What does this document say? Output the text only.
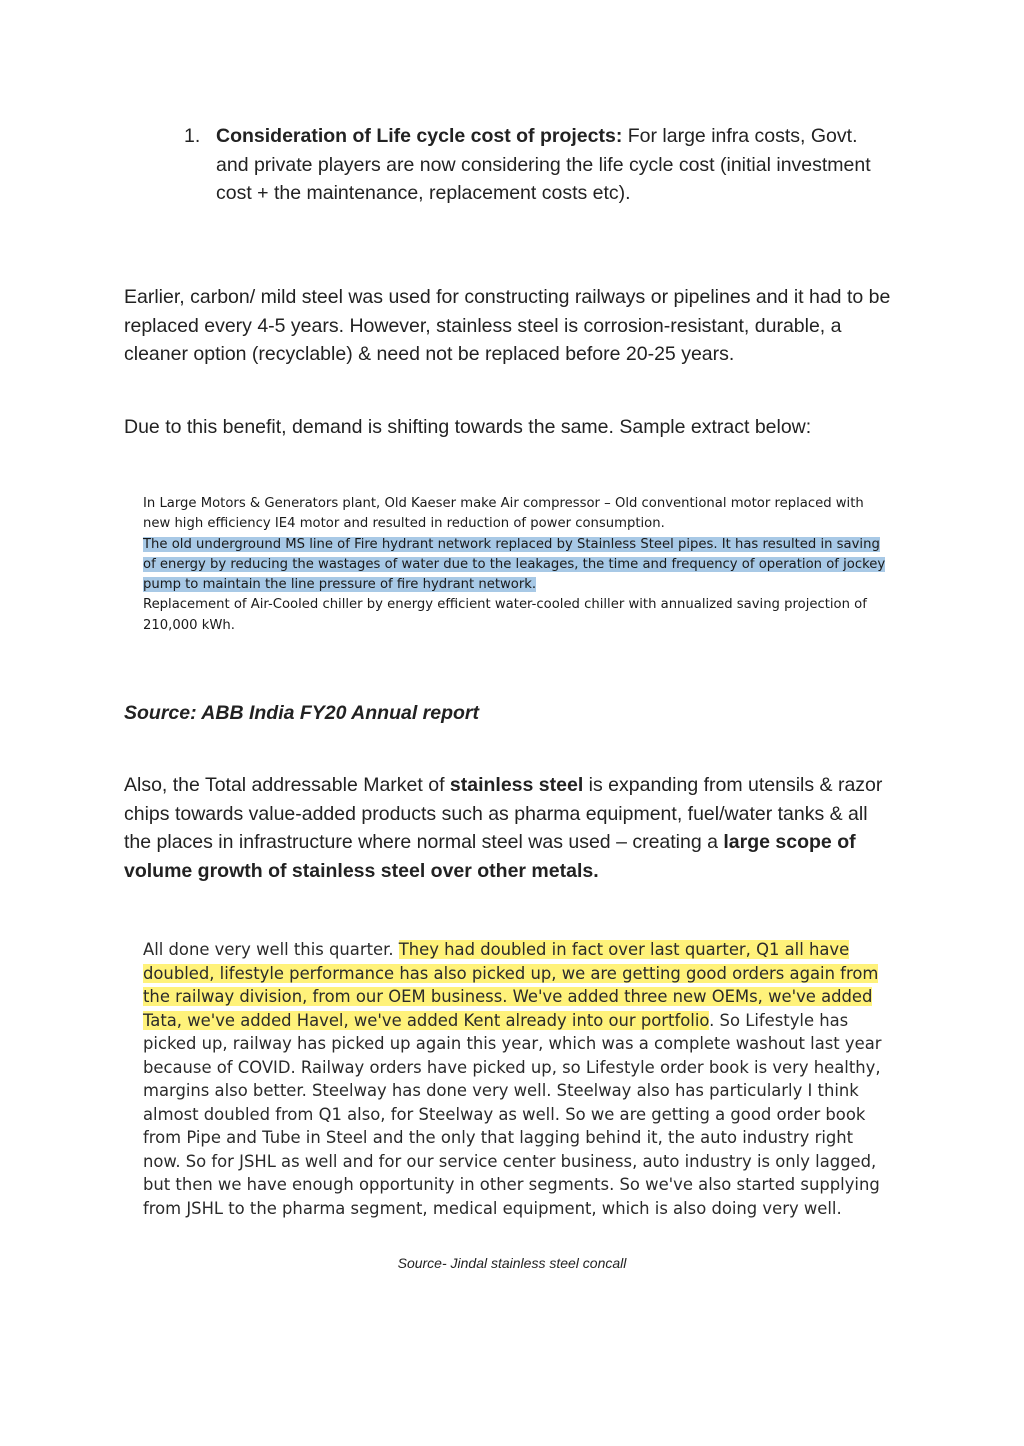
1. Consideration of Life cycle cost of projects: For large infra costs, Govt. and private players are now considering the life cycle cost (initial investment cost + the maintenance, replacement costs etc).
Earlier, carbon/ mild steel was used for constructing railways or pipelines and it had to be replaced every 4-5 years. However, stainless steel is corrosion-resistant, durable, a cleaner option (recyclable) & need not be replaced before 20-25 years.
Due to this benefit, demand is shifting towards the same. Sample extract below:

In Large Motors & Generators plant, Old Kaeser make Air compressor – Old conventional motor replaced with new high efficiency IE4 motor and resulted in reduction of power consumption.

The old underground MS line of Fire hydrant network replaced by Stainless Steel pipes. It has resulted in saving of energy by reducing the wastages of water due to the leakages, the time and frequency of operation of jockey pump to maintain the line pressure of fire hydrant network.

Replacement of Air-Cooled chiller by energy efficient water-cooled chiller with annualized saving projection of 210,000 kWh.

Source: ABB India FY20 Annual report
Also, the Total addressable Market of stainless steel is expanding from utensils & razor chips towards value-added products such as pharma equipment, fuel/water tanks & all the places in infrastructure where normal steel was used – creating a large scope of volume growth of stainless steel over other metals.
All done very well this quarter. They had doubled in fact over last quarter, Q1 all have doubled, lifestyle performance has also picked up, we are getting good orders again from the railway division, from our OEM business. We've added three new OEMs, we've added Tata, we've added Havel, we've added Kent already into our portfolio. So Lifestyle has picked up, railway has picked up again this year, which was a complete washout last year because of COVID. Railway orders have picked up, so Lifestyle order book is very healthy, margins also better. Steelway has done very well. Steelway also has particularly I think almost doubled from Q1 also, for Steelway as well. So we are getting a good order book from Pipe and Tube in Steel and the only that lagging behind it, the auto industry right now. So for JSHL as well and for our service center business, auto industry is only lagged, but then we have enough opportunity in other segments. So we've also started supplying from JSHL to the pharma segment, medical equipment, which is also doing very well.
Source- Jindal stainless steel concall
